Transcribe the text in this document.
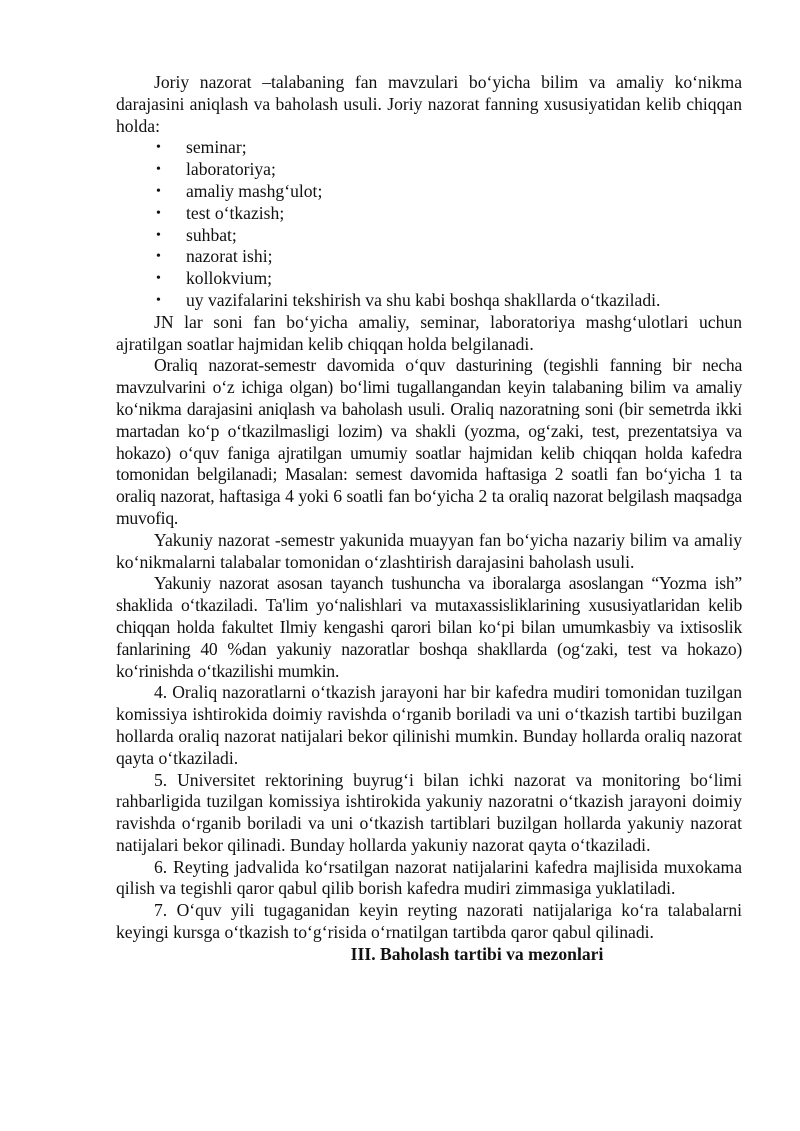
Joriy nazorat –talabaning fan mavzulari bo‘yicha bilim va amaliy ko‘nikma darajasini aniqlash va baholash usuli. Joriy nazorat fanning xususiyatidan kelib chiqqan holda:

• seminar;
• laboratoriya;
• amaliy mashg‘ulot;
• test o‘tkazish;
• suhbat;
• nazorat ishi;
• kollokvium;
• uy vazifalarini tekshirish va shu kabi boshqa shakllarda o‘tkaziladi.

JN lar soni fan bo‘yicha amaliy, seminar, laboratoriya mashg‘ulotlari uchun ajratilgan soatlar hajmidan kelib chiqqan holda belgilanadi.

Oraliq nazorat-semestr davomida o‘quv dasturining (tegishli fanning bir necha mavzulvarini o‘z ichiga olgan) bo‘limi tugallangandan keyin talabaning bilim va amaliy ko‘nikma darajasini aniqlash va baholash usuli. Oraliq nazoratning soni (bir semetrda ikki martadan ko‘p o‘tkazilmasligi lozim) va shakli (yozma, og‘zaki, test, prezentatsiya va hokazo) o‘quv faniga ajratilgan umumiy soatlar hajmidan kelib chiqqan holda kafedra tomonidan belgilanadi; Masalan: semest davomida haftasiga 2 soatli fan bo‘yicha 1 ta oraliq nazorat, haftasiga 4 yoki 6 soatli fan bo‘yicha 2 ta oraliq nazorat belgilash maqsadga muvofiq.

Yakuniy nazorat -semestr yakunida muayyan fan bo‘yicha nazariy bilim va amaliy ko‘nikmalarni talabalar tomonidan o‘zlashtirish darajasini baholash usuli.

Yakuniy nazorat asosan tayanch tushuncha va iboralarga asoslangan “Yozma ish” shaklida o‘tkaziladi. Ta'lim yo‘nalishlari va mutaxassisliklarining xususiyatlaridan kelib chiqqan holda fakultet Ilmiy kengashi qarori bilan ko‘pi bilan umumkasbiy va ixtisoslik fanlarining 40 %dan yakuniy nazoratlar boshqa shakllarda (og‘zaki, test va hokazo) ko‘rinishda o‘tkazilishi mumkin.

4. Oraliq nazoratlarni o‘tkazish jarayoni har bir kafedra mudiri tomonidan tuzilgan komissiya ishtirokida doimiy ravishda o‘rganib boriladi va uni o‘tkazish tartibi buzilgan hollarda oraliq nazorat natijalari bekor qilinishi mumkin. Bunday hollarda oraliq nazorat qayta o‘tkaziladi.

5. Universitet rektorining buyrug‘i bilan ichki nazorat va monitoring bo‘limi rahbarligida tuzilgan komissiya ishtirokida yakuniy nazoratni o‘tkazish jarayoni doimiy ravishda o‘rganib boriladi va uni o‘tkazish tartiblari buzilgan hollarda yakuniy nazorat natijalari bekor qilinadi. Bunday hollarda yakuniy nazorat qayta o‘tkaziladi.

6. Reyting jadvalida ko‘rsatilgan nazorat natijalarini kafedra majlisida muxokama qilish va tegishli qaror qabul qilib borish kafedra mudiri zimmasiga yuklatiladi.

7. O‘quv yili tugaganidan keyin reyting nazorati natijalariga ko‘ra talabalarni keyingi kursga o‘tkazish to‘g‘risida o‘rnatilgan tartibda qaror qabul qilinadi.

III. Baholash tartibi va mezonlari
